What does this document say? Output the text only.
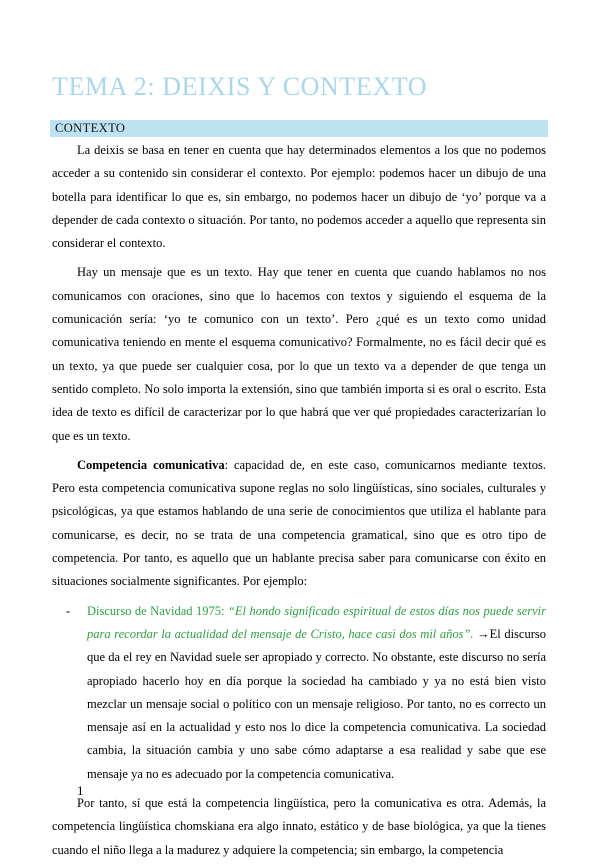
TEMA 2: DEIXIS Y CONTEXTO
CONTEXTO

La deixis se basa en tener en cuenta que hay determinados elementos a los que no podemos acceder a su contenido sin considerar el contexto. Por ejemplo: podemos hacer un dibujo de una botella para identificar lo que es, sin embargo, no podemos hacer un dibujo de ‘yo’ porque va a depender de cada contexto o situación. Por tanto, no podemos acceder a aquello que representa sin considerar el contexto.

Hay un mensaje que es un texto. Hay que tener en cuenta que cuando hablamos no nos comunicamos con oraciones, sino que lo hacemos con textos y siguiendo el esquema de la comunicación sería: ‘yo te comunico con un texto’. Pero ¿qué es un texto como unidad comunicativa teniendo en mente el esquema comunicativo? Formalmente, no es fácil decir qué es un texto, ya que puede ser cualquier cosa, por lo que un texto va a depender de que tenga un sentido completo. No solo importa la extensión, sino que también importa si es oral o escrito. Esta idea de texto es difícil de caracterizar por lo que habrá que ver qué propiedades caracterizarían lo que es un texto.

Competencia comunicativa: capacidad de, en este caso, comunicarnos mediante textos. Pero esta competencia comunicativa supone reglas no solo lingüísticas, sino sociales, culturales y psicológicas, ya que estamos hablando de una serie de conocimientos que utiliza el hablante para comunicarse, es decir, no se trata de una competencia gramatical, sino que es otro tipo de competencia. Por tanto, es aquello que un hablante precisa saber para comunicarse con éxito en situaciones socialmente significantes. Por ejemplo:

- Discurso de Navidad 1975: “El hondo significado espiritual de estos días nos puede servir para recordar la actualidad del mensaje de Cristo, hace casi dos mil años”. →El discurso que da el rey en Navidad suele ser apropiado y correcto. No obstante, este discurso no sería apropiado hacerlo hoy en día porque la sociedad ha cambiado y ya no está bien visto mezclar un mensaje social o político con un mensaje religioso. Por tanto, no es correcto un mensaje así en la actualidad y esto nos lo dice la competencia comunicativa. La sociedad cambia, la situación cambia y uno sabe cómo adaptarse a esa realidad y sabe que ese mensaje ya no es adecuado por la competencia comunicativa.

Por tanto, sí que está la competencia lingüística, pero la comunicativa es otra. Además, la competencia lingüística chomskiana era algo innato, estático y de base biológica, ya que la tienes cuando el niño llega a la madurez y adquiere la competencia; sin embargo, la competencia

1
